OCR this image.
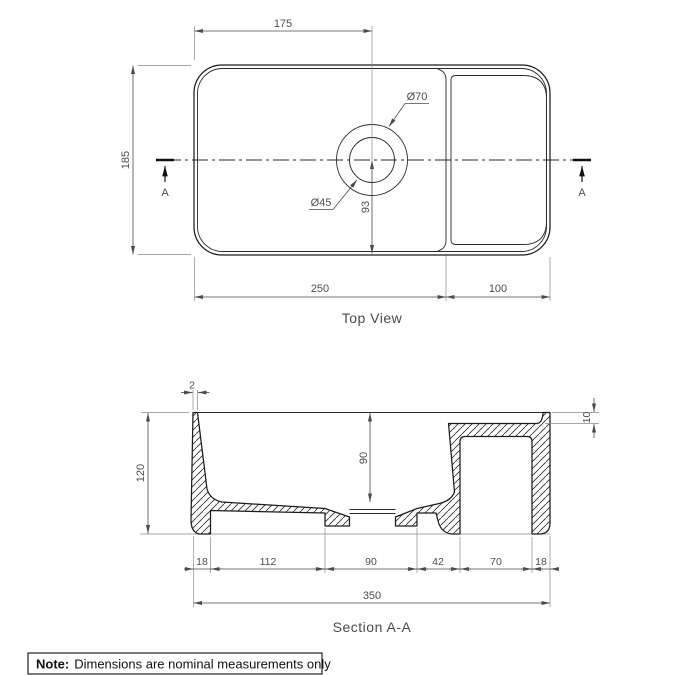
A	A
175
185
93
250	100
Ø70
Ø45
Top View
2
120
90
10
18	112	90	42	70	18
350
Section A-A
Note: Dimensions are nominal measurements only
